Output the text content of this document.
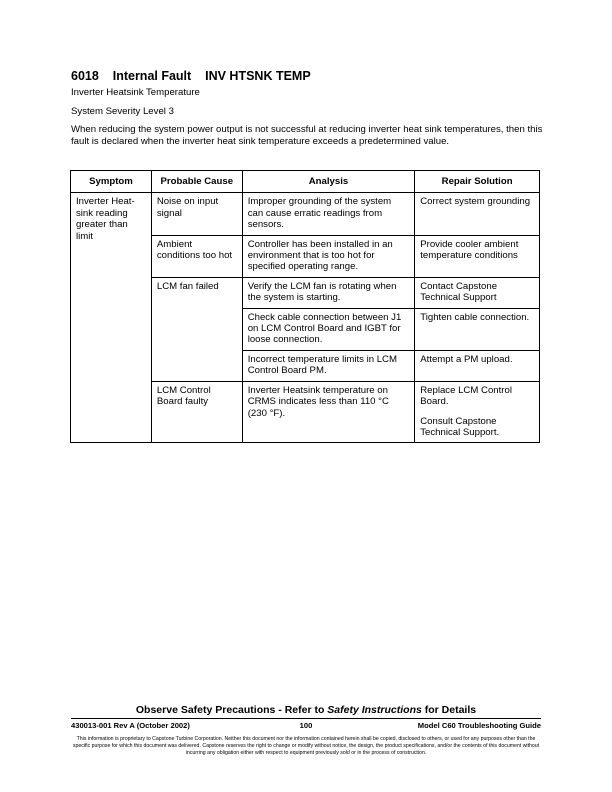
6018 Internal Fault INV HTSNK TEMP
Inverter Heatsink Temperature
System Severity Level 3
When reducing the system power output is not successful at reducing inverter heat sink temperatures, then this fault is declared when the inverter heat sink temperature exceeds a predetermined value.
Symptom	Probable Cause	Analysis	Repair Solution
Inverter Heat-sink reading greater than limit	Noise on input signal	Improper grounding of the system can cause erratic readings from sensors.	Correct system grounding
	Ambient conditions too hot	Controller has been installed in an environment that is too hot for specified operating range.	Provide cooler ambient temperature conditions
	LCM fan failed	Verify the LCM fan is rotating when the system is starting.	Contact Capstone Technical Support
		Check cable connection between J1 on LCM Control Board and IGBT for loose connection.	Tighten cable connection.
		Incorrect temperature limits in LCM Control Board PM.	Attempt a PM upload.
	LCM Control Board faulty	Inverter Heatsink temperature on CRMS indicates less than 110 °C (230 °F).	Replace LCM Control Board.
Consult Capstone Technical Support.
Observe Safety Precautions - Refer to Safety Instructions for Details
430013-001 Rev A (October 2002)	100	Model C60 Troubleshooting Guide
This information is proprietary to Capstone Turbine Corporation. Neither this document nor the information contained herein shall be copied, disclosed to others, or used for any purposes other than the specific purpose for which this document was delivered. Capstone reserves the right to change or modify without notice, the design, the product specifications, and/or the contents of this document without incurring any obligation either with respect to equipment previously sold or in the process of construction.
